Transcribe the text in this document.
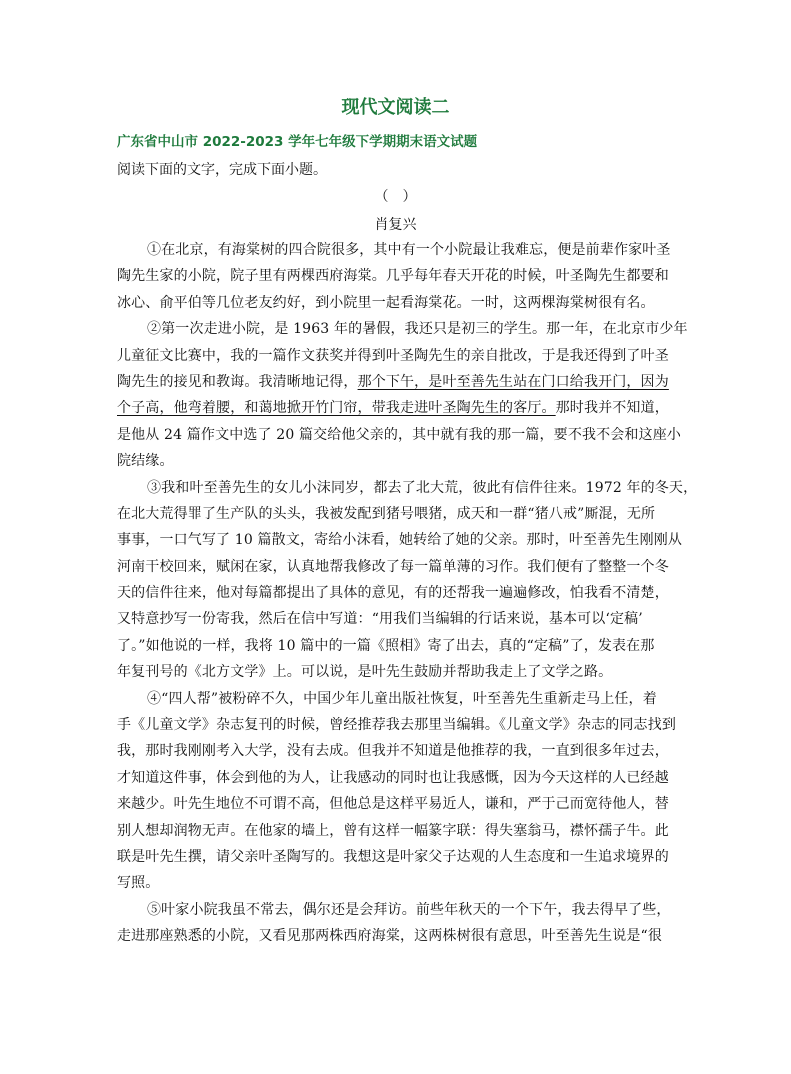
现代文阅读二
广东省中山市 2022-2023 学年七年级下学期期末语文试题
阅读下面的文字，完成下面小题。
（　）
肖复兴
①在北京，有海棠树的四合院很多，其中有一个小院最让我难忘，便是前辈作家叶圣
陶先生家的小院，院子里有两棵西府海棠。几乎每年春天开花的时候，叶圣陶先生都要和
冰心、俞平伯等几位老友约好，到小院里一起看海棠花。一时，这两棵海棠树很有名。
②第一次走进小院，是 1963 年的暑假，我还只是初三的学生。那一年，在北京市少年
儿童征文比赛中，我的一篇作文获奖并得到叶圣陶先生的亲自批改，于是我还得到了叶圣
陶先生的接见和教诲。我清晰地记得，那个下午，是叶至善先生站在门口给我开门，因为
个子高，他弯着腰，和蔼地掀开竹门帘，带我走进叶圣陶先生的客厅。那时我并不知道，
是他从 24 篇作文中选了 20 篇交给他父亲的，其中就有我的那一篇，要不我不会和这座小
院结缘。
③我和叶至善先生的女儿小沫同岁，都去了北大荒，彼此有信件往来。1972 年的冬天，
在北大荒得罪了生产队的头头，我被发配到猪号喂猪，成天和一群“猪八戒”厮混，无所
事事，一口气写了 10 篇散文，寄给小沫看，她转给了她的父亲。那时，叶至善先生刚刚从
河南干校回来，赋闲在家，认真地帮我修改了每一篇单薄的习作。我们便有了整整一个冬
天的信件往来，他对每篇都提出了具体的意见，有的还帮我一遍遍修改，怕我看不清楚，
又特意抄写一份寄我，然后在信中写道：“用我们当编辑的行话来说，基本可以‘定稿’
了。”如他说的一样，我将 10 篇中的一篇《照相》寄了出去，真的“定稿”了，发表在那
年复刊号的《北方文学》上。可以说，是叶先生鼓励并帮助我走上了文学之路。
④“四人帮”被粉碎不久，中国少年儿童出版社恢复，叶至善先生重新走马上任，着
手《儿童文学》杂志复刊的时候，曾经推荐我去那里当编辑。《儿童文学》杂志的同志找到
我，那时我刚刚考入大学，没有去成。但我并不知道是他推荐的我，一直到很多年过去，
才知道这件事，体会到他的为人，让我感动的同时也让我感慨，因为今天这样的人已经越
来越少。叶先生地位不可谓不高，但他总是这样平易近人，谦和，严于己而宽待他人，替
别人想却润物无声。在他家的墙上，曾有这样一幅篆字联：得失塞翁马，襟怀孺子牛。此
联是叶先生撰，请父亲叶圣陶写的。我想这是叶家父子达观的人生态度和一生追求境界的
写照。
⑤叶家小院我虽不常去，偶尔还是会拜访。前些年秋天的一个下午，我去得早了些，
走进那座熟悉的小院，又看见那两株西府海棠，这两株树很有意思，叶至善先生说是“很
